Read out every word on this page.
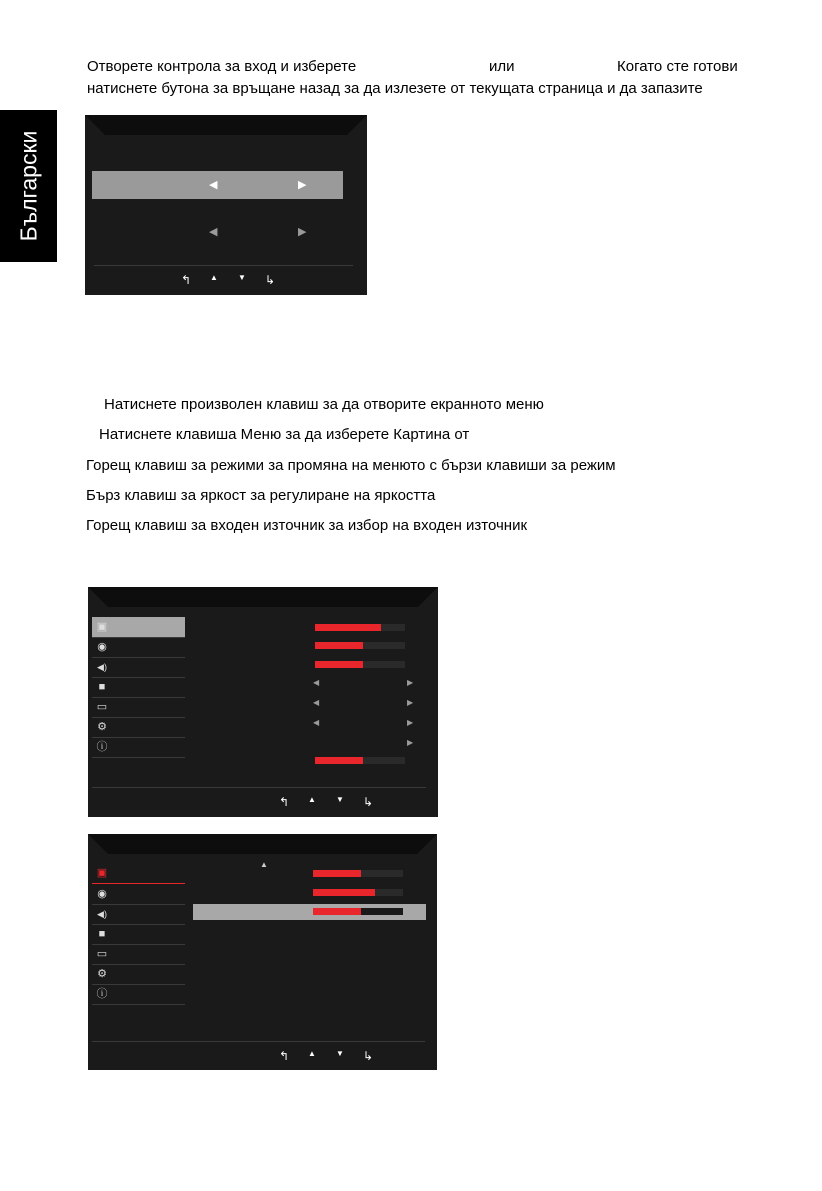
Български
Отворете контрола за вход и изберете	или	Когато сте готови
натиснете бутона за връщане назад за да излезете от текущата страница и да запазите
◀	▶
◀	▶
↰	▲	▼ ↳
Натиснете произволен клавиш за да отворите екранното меню
Натиснете клавиша Меню за да изберете Картина от
Горещ клавиш за режими за промяна на менюто с бързи клавиши за режим
Бърз клавиш за яркост за регулиране на яркостта
Горещ клавиш за входен източник за избор на входен източник
▣
◉
◀)
■
▭
⚙
ⓘ
◀	▶
◀	▶
◀	▶
▶
↰	▲	▼ ↳
▣
◉
◀)
■
▭
⚙
ⓘ
▲
↰	▲	▼ ↳
